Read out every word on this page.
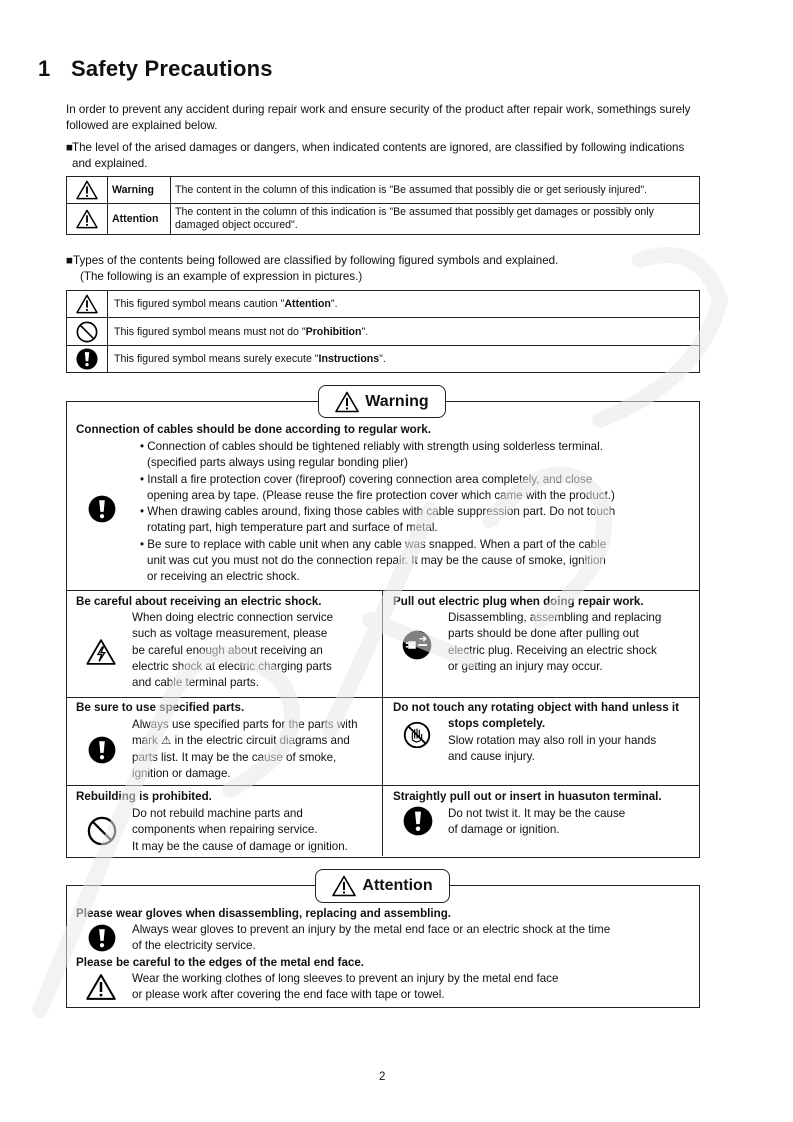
1 Safety Precautions
In order to prevent any accident during repair work and ensure security of the product after repair work, somethings surely followed are explained below.
■The level of the arised damages or dangers, when indicated contents are ignored, are classified by following indications and explained.
	Warning	The content in the column of this indication is "Be assumed that possibly die or get seriously injured".
	Attention	The content in the column of this indication is "Be assumed that possibly get damages or possibly only damaged object occured".
■Types of the contents being followed are classified by following figured symbols and explained.
(The following is an example of expression in pictures.)
	This figured symbol means caution "Attention".
	This figured symbol means must not do "Prohibition".
	This figured symbol means surely execute "Instructions".
Warning
Connection of cables should be done according to regular work.
• Connection of cables should be tightened reliably with strength using solderless terminal.
(specified parts always using regular bonding plier)
• Install a fire protection cover (fireproof) covering connection area completely, and close
opening area by tape. (Please reuse the fire protection cover which came with the product.)
• When drawing cables around, fixing those cables with cable suppression part. Do not touch
rotating part, high temperature part and surface of metal.
• Be sure to replace with cable unit when any cable was snapped. When a part of the cable
unit was cut you must not do the connection repair. It may be the cause of smoke, ignition
or receiving an electric shock.
Be careful about receiving an electric shock.
When doing electric connection service
such as voltage measurement, please
be careful enough about receiving an
electric shock at electric charging parts
and cable terminal parts.
Pull out electric plug when doing repair work.
Disassembling, assembling and replacing
parts should be done after pulling out
electric plug. Receiving an electric shock
or getting an injury may occur.
Be sure to use specified parts.
Always use specified parts for the parts with
mark ⚠ in the electric circuit diagrams and
parts list. It may be the cause of smoke,
ignition or damage.
Do not touch any rotating object with hand unless it
stops completely.
Slow rotation may also roll in your hands
and cause injury.
Rebuilding is prohibited.
Do not rebuild machine parts and
components when repairing service.
It may be the cause of damage or ignition.
Straightly pull out or insert in huasuton terminal.
Do not twist it. It may be the cause
of damage or ignition.
Attention
Please wear gloves when disassembling, replacing and assembling.
Always wear gloves to prevent an injury by the metal end face or an electric shock at the time
of the electricity service.
Please be careful to the edges of the metal end face.
Wear the working clothes of long sleeves to prevent an injury by the metal end face
or please work after covering the end face with tape or towel.
2
